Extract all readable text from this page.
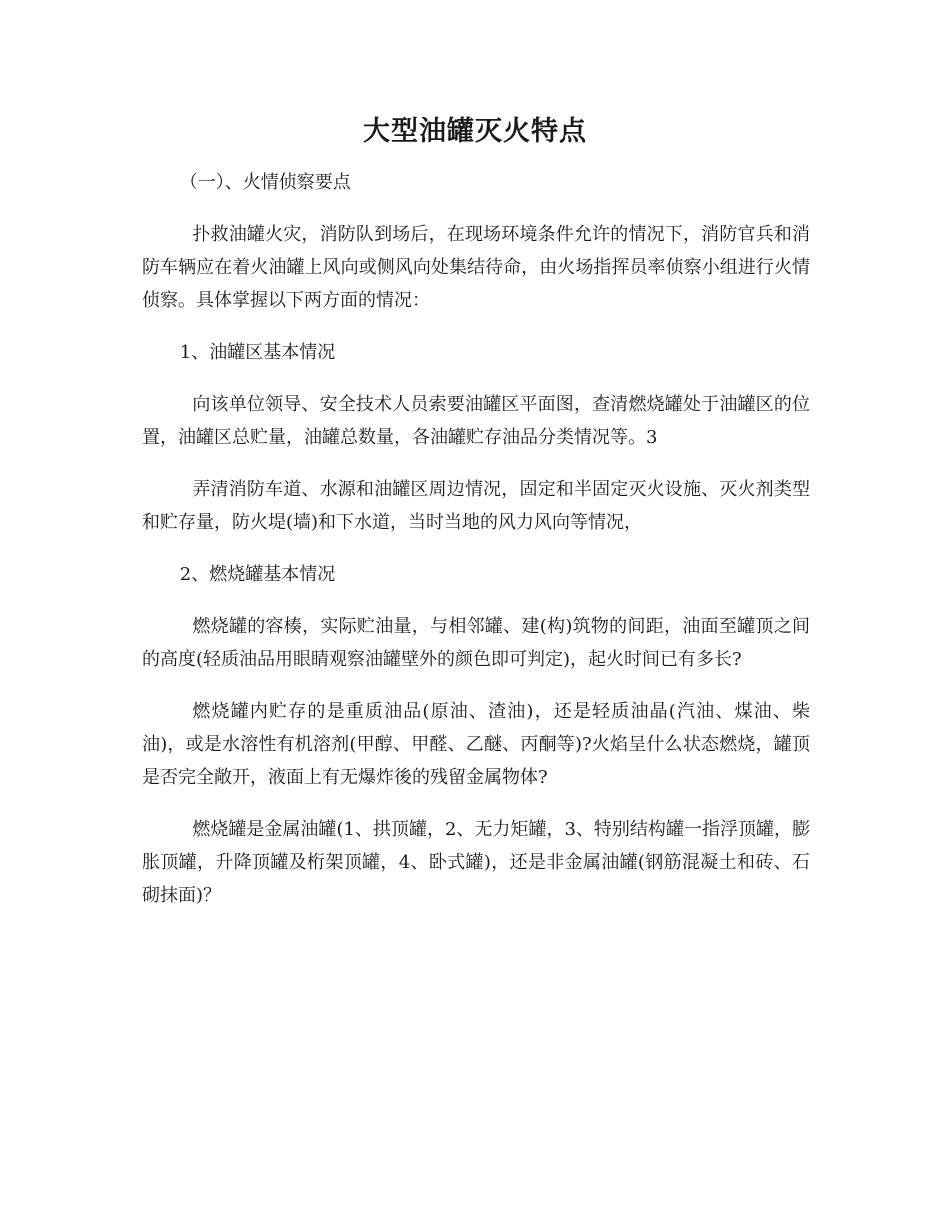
大型油罐灭火特点

（一）、火情侦察要点

扑救油罐火灾，消防队到场后，在现场环境条件允许的情况下，消防官兵和消防车辆应在着火油罐上风向或侧风向处集结待命，由火场指挥员率侦察小组进行火情侦察。具体掌握以下两方面的情况：

1、油罐区基本情况

向该单位领导、安全技术人员索要油罐区平面图，查清燃烧罐处于油罐区的位置，油罐区总贮量，油罐总数量，各油罐贮存油品分类情况等。3

弄清消防车道、水源和油罐区周边情况，固定和半固定灭火设施、灭火剂类型和贮存量，防火堤(墙)和下水道，当时当地的风力风向等情况，

2、燃烧罐基本情况

燃烧罐的容楱，实际贮油量，与相邻罐、建(构)筑物的间距，油面至罐顶之间的高度(轻质油品用眼睛观察油罐壁外的颜色即可判定)，起火时间已有多长?

燃烧罐内贮存的是重质油品(原油、渣油)，还是轻质油晶(汽油、煤油、柴油)，或是水溶性有机溶剂(甲醇、甲醛、乙醚、丙酮等)?火焰呈什么状态燃烧，罐顶是否完全敞开，液面上有无爆炸後的残留金属物体?

燃烧罐是金属油罐(1、拱顶罐，2、无力矩罐，3、特别结构罐一指浮顶罐，膨胀顶罐，升降顶罐及桁架顶罐，4、卧式罐)，还是非金属油罐(钢筋混凝土和砖、石砌抹面)？
